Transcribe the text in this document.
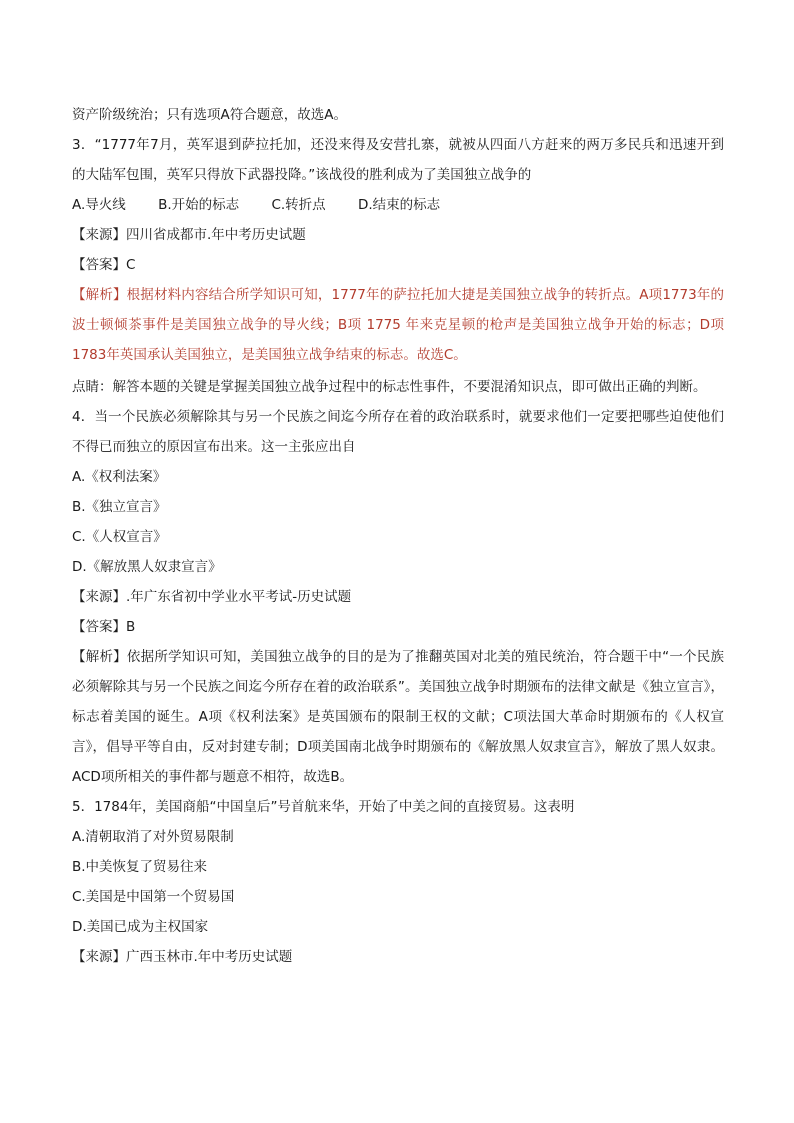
资产阶级统治；只有选项A符合题意，故选A。
3．“1777年7月，英军退到萨拉托加，还没来得及安营扎寨，就被从四面八方赶来的两万多民兵和迅速开到的大陆军包围，英军只得放下武器投降。”该战役的胜利成为了美国独立战争的
A.导火线 B.开始的标志 C.转折点 D.结束的标志
【来源】四川省成都市.年中考历史试题
【答案】C
【解析】根据材料内容结合所学知识可知，1777年的萨拉托加大捷是美国独立战争的转折点。A项1773年的波士顿倾茶事件是美国独立战争的导火线；B项 1775 年来克星顿的枪声是美国独立战争开始的标志；D项1783年英国承认美国独立，是美国独立战争结束的标志。故选C。
点睛：解答本题的关键是掌握美国独立战争过程中的标志性事件，不要混淆知识点，即可做出正确的判断。
4．当一个民族必须解除其与另一个民族之间迄今所存在着的政治联系时，就要求他们一定要把哪些迫使他们不得已而独立的原因宣布出来。这一主张应出自
A.《权利法案》
B.《独立宣言》
C.《人权宣言》
D.《解放黑人奴隶宣言》
【来源】.年广东省初中学业水平考试-历史试题
【答案】B
【解析】依据所学知识可知，美国独立战争的目的是为了推翻英国对北美的殖民统治，符合题干中“一个民族必须解除其与另一个民族之间迄今所存在着的政治联系”。美国独立战争时期颁布的法律文献是《独立宣言》，标志着美国的诞生。A项《权利法案》是英国颁布的限制王权的文献；C项法国大革命时期颁布的《人权宣言》，倡导平等自由，反对封建专制；D项美国南北战争时期颁布的《解放黑人奴隶宣言》，解放了黑人奴隶。ACD项所相关的事件都与题意不相符，故选B。
5．1784年，美国商船“中国皇后”号首航来华，开始了中美之间的直接贸易。这表明
A.清朝取消了对外贸易限制
B.中美恢复了贸易往来
C.美国是中国第一个贸易国
D.美国已成为主权国家
【来源】广西玉林市.年中考历史试题
